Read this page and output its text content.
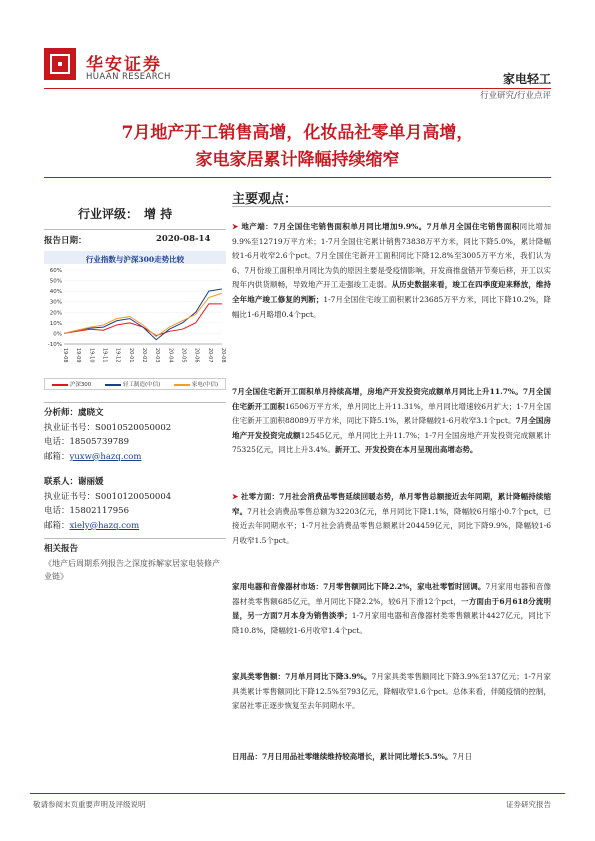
华安证券
HUAAN RESEARCH	家电轻工
行业研究/行业点评
7月地产开工销售高增，化妆品社零单月高增，
家电家居累计降幅持续缩窄
行业评级： 增 持
报告日期：	2020-08-14
行业指数与沪深300走势比较
60%
50%
40%
30%
20%
10%
0%
-10%
19-08 19-09 19-10 19-11 19-12 20-01 20-02 20-03 20-04 20-05 20-06 20-07 20-08
沪深300	轻工制造(中信)	家电(中信)
分析师：虞晓文
执业证书号：S0010520050002
电话：18505739789
邮箱：yuxw@hazq.com
联系人：谢丽媛
执业证书号：S0010120050004
电话：15802117956
邮箱：xiely@hazq.com
相关报告
《地产后周期系列报告之深度拆解家居家电装修产业链》
主要观点：
➤ 地产端：7月全国住宅销售面积单月同比增加9.9%。7月单月全国住宅销售面积同比增加9.9%至12719万平方米；1-7月全国住宅累计销售73838万平方米，同比下降5.0%，累计降幅较1-6月收窄2.6个pct。7月全国住宅新开工面积同比下降12.8%至3005万平方米，我们认为6、7月份竣工面积单月同比为负的原因主要是受疫情影响，开发商推盘错开节奏后移，开工以实现年内供货顺畅，导致地产开工走强竣工走弱。从历史数据来看，竣工在四季度迎来释放，维持全年地产竣工修复的判断；1-7月全国住宅竣工面积累计23685万平方米，同比下降10.2%，降幅比1-6月略增0.4个pct。
7月全国住宅新开工面积单月持续高增，房地产开发投资完成额单月同比上升11.7%。7月全国住宅新开工面积16506万平方米，单月同比上升11.31%，单月同比增速较6月扩大；1-7月全国住宅新开工面积88089万平方米，同比下降5.1%，累计降幅较1-6月收窄3.1个pct。7月全国房地产开发投资完成额12545亿元，单月同比上升11.7%；1-7月全国房地产开发投资完成额累计75325亿元，同比上升3.4%。新开工、开发投资在本月呈现出高增态势。
➤ 社零方面：7月社会消费品零售延续回暖态势，单月零售总额接近去年同期，累计降幅持续缩窄。7月社会消费品零售总额为32203亿元，单月同比下降1.1%，降幅较6月缩小0.7个pct，已接近去年同期水平；1-7月社会消费品零售总额累计204459亿元，同比下降9.9%，降幅较1-6月收窄1.5个pct。
家用电器和音像器材市场：7月零售额同比下降2.2%，家电社零暂时回调。7月家用电器和音像器材类零售额685亿元，单月同比下降2.2%，较6月下滑12个pct，一方面由于6月618分流明显，另一方面7月本身为销售淡季；1-7月家用电器和音像器材类零售额累计4427亿元，同比下降10.8%，降幅较1-6月收窄1.4个pct。
家具类零售额：7月单月同比下降3.9%。7月家具类零售额同比下降3.9%至137亿元；1-7月家具类累计零售额同比下降12.5%至793亿元，降幅收窄1.6个pct。总体来看，伴随疫情的控制，家居社零正逐步恢复至去年同期水平。
日用品：7月日用品社零继续维持较高增长，累计同比增长5.5%。7月日
敬请参阅末页重要声明及评级说明	证券研究报告
